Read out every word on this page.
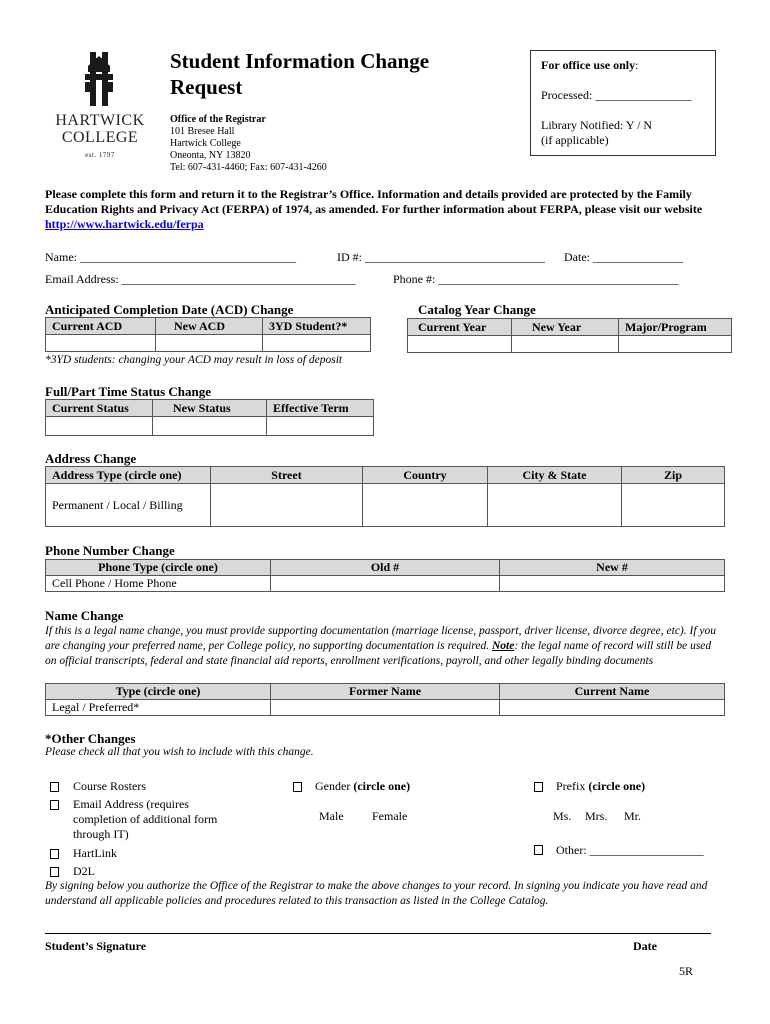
HARTWICK
COLLEGE
est. 1797
Student Information Change
Request
Office of the Registrar
101 Bresee Hall
Hartwick College
Oneonta, NY 13820
Tel: 607-431-4460; Fax: 607-431-4260
For office use only:
Processed: ________________
Library Notified: Y / N
(if applicable)
Please complete this form and return it to the Registrar’s Office. Information and details provided are protected by the Family Education Rights and Privacy Act (FERPA) of 1974, as amended. For further information about FERPA, please visit our website http://www.hartwick.edu/ferpa
Name: ____________________________________	ID #: ______________________________ Date: _______________
Email Address: _______________________________________	Phone #: ________________________________________
Anticipated Completion Date (ACD) Change
Current ACD	New ACD	3YD Student?*

*3YD students: changing your ACD may result in loss of deposit
Catalog Year Change
Current Year	New Year	Major/Program

Full/Part Time Status Change
Current Status	New Status	Effective Term

Address Change
Address Type (circle one)	Street	Country	City & State	Zip
Permanent / Local / Billing				
Phone Number Change
Phone Type (circle one)	Old #	New #
Cell Phone / Home Phone		
Name Change
If this is a legal name change, you must provide supporting documentation (marriage license, passport, driver license, divorce degree, etc). If you are changing your preferred name, per College policy, no supporting documentation is required. Note: the legal name of record will still be used on official transcripts, federal and state financial aid reports, enrollment verifications, payroll, and other legally binding documents
Type (circle one)	Former Name	Current Name
Legal / Preferred*		
*Other Changes
Please check all that you wish to include with this change.
Course Rosters
Email Address (requires
completion of additional form
through IT)
HartLink
D2L
Gender (circle one)
Male Female
Prefix (circle one)
Ms. Mrs. Mr.
Other: ___________________
By signing below you authorize the Office of the Registrar to make the above changes to your record. In signing you indicate you have read and understand all applicable policies and procedures related to this transaction as listed in the College Catalog.
Student’s Signature	Date
5R
